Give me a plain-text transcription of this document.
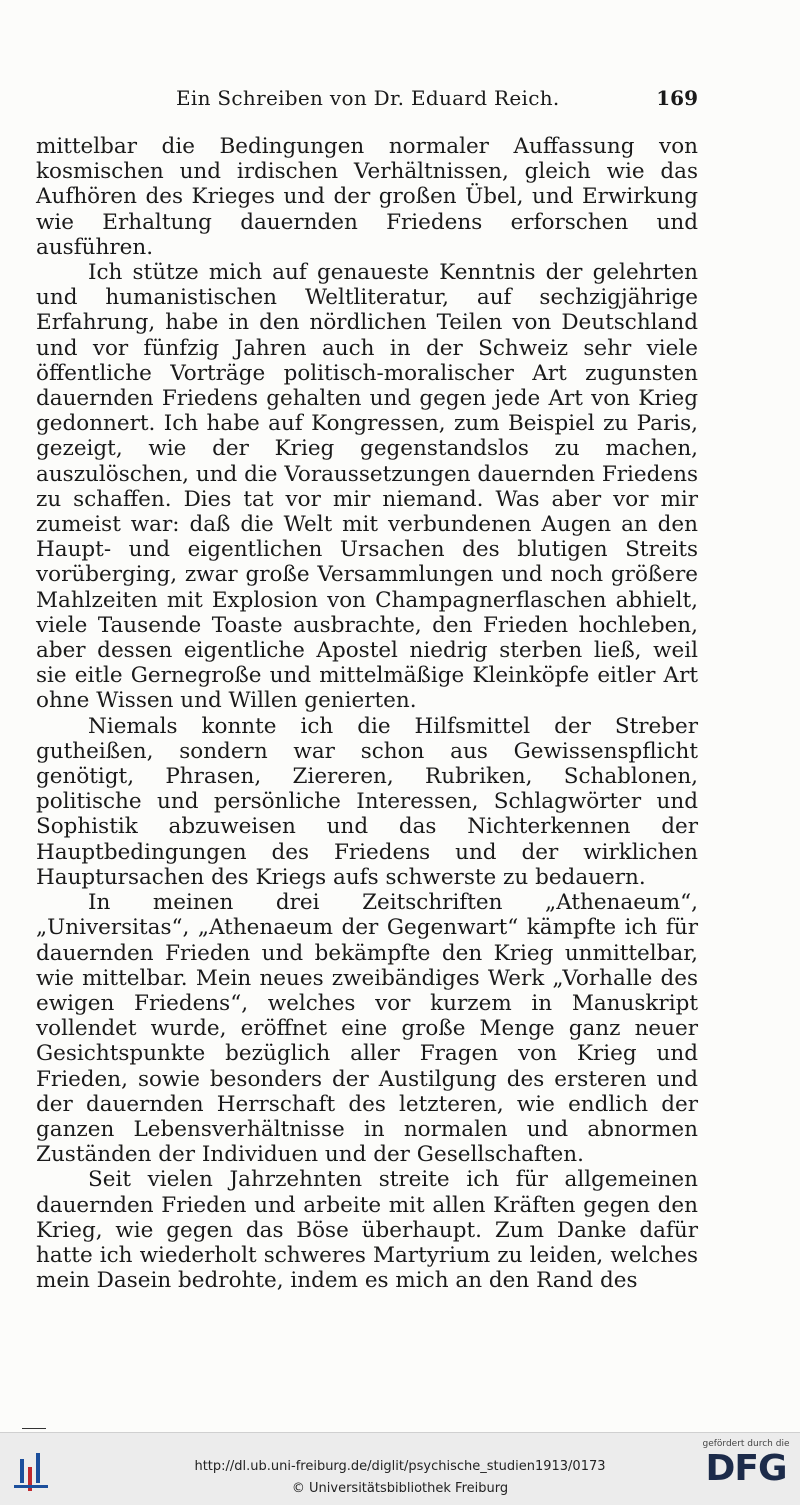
Ein Schreiben von Dr. Eduard Reich.	169

mittelbar die Bedingungen normaler Auffassung von kosmischen und irdischen Verhältnissen, gleich wie das Aufhören des Krieges und der großen Übel, und Erwirkung wie Erhaltung dauernden Friedens erforschen und ausführen.

Ich stütze mich auf genaueste Kenntnis der gelehrten und humanistischen Weltliteratur, auf sechzigjährige Erfahrung, habe in den nördlichen Teilen von Deutschland und vor fünfzig Jahren auch in der Schweiz sehr viele öffentliche Vorträge politisch-moralischer Art zugunsten dauernden Friedens gehalten und gegen jede Art von Krieg gedonnert. Ich habe auf Kongressen, zum Beispiel zu Paris, gezeigt, wie der Krieg gegenstandslos zu machen, auszulöschen, und die Voraussetzungen dauernden Friedens zu schaffen. Dies tat vor mir niemand. Was aber vor mir zumeist war: daß die Welt mit verbundenen Augen an den Haupt- und eigentlichen Ursachen des blutigen Streits vorüberging, zwar große Versammlungen und noch größere Mahlzeiten mit Explosion von Champagnerflaschen abhielt, viele Tausende Toaste ausbrachte, den Frieden hochleben, aber dessen eigentliche Apostel niedrig sterben ließ, weil sie eitle Gernegroße und mittelmäßige Kleinköpfe eitler Art ohne Wissen und Willen genierten.

Niemals konnte ich die Hilfsmittel der Streber gutheißen, sondern war schon aus Gewissenspflicht genötigt, Phrasen, Ziereren, Rubriken, Schablonen, politische und persönliche Interessen, Schlagwörter und Sophistik abzuweisen und das Nichterkennen der Hauptbedingungen des Friedens und der wirklichen Hauptursachen des Kriegs aufs schwerste zu bedauern.

In meinen drei Zeitschriften „Athenaeum“, „Universitas“, „Athenaeum der Gegenwart“ kämpfte ich für dauernden Frieden und bekämpfte den Krieg unmittelbar, wie mittelbar. Mein neues zweibändiges Werk „Vorhalle des ewigen Friedens“, welches vor kurzem in Manuskript vollendet wurde, eröffnet eine große Menge ganz neuer Gesichtspunkte bezüglich aller Fragen von Krieg und Frieden, sowie besonders der Austilgung des ersteren und der dauernden Herrschaft des letzteren, wie endlich der ganzen Lebensverhältnisse in normalen und abnormen Zuständen der Individuen und der Gesellschaften.

Seit vielen Jahrzehnten streite ich für allgemeinen dauernden Frieden und arbeite mit allen Kräften gegen den Krieg, wie gegen das Böse überhaupt. Zum Danke dafür hatte ich wiederholt schweres Martyrium zu leiden, welches mein Dasein bedrohte, indem es mich an den Rand des

http://dl.ub.uni-freiburg.de/diglit/psychische_studien1913/0173
© Universitätsbibliothek Freiburg
gefördert durch die
DFG
